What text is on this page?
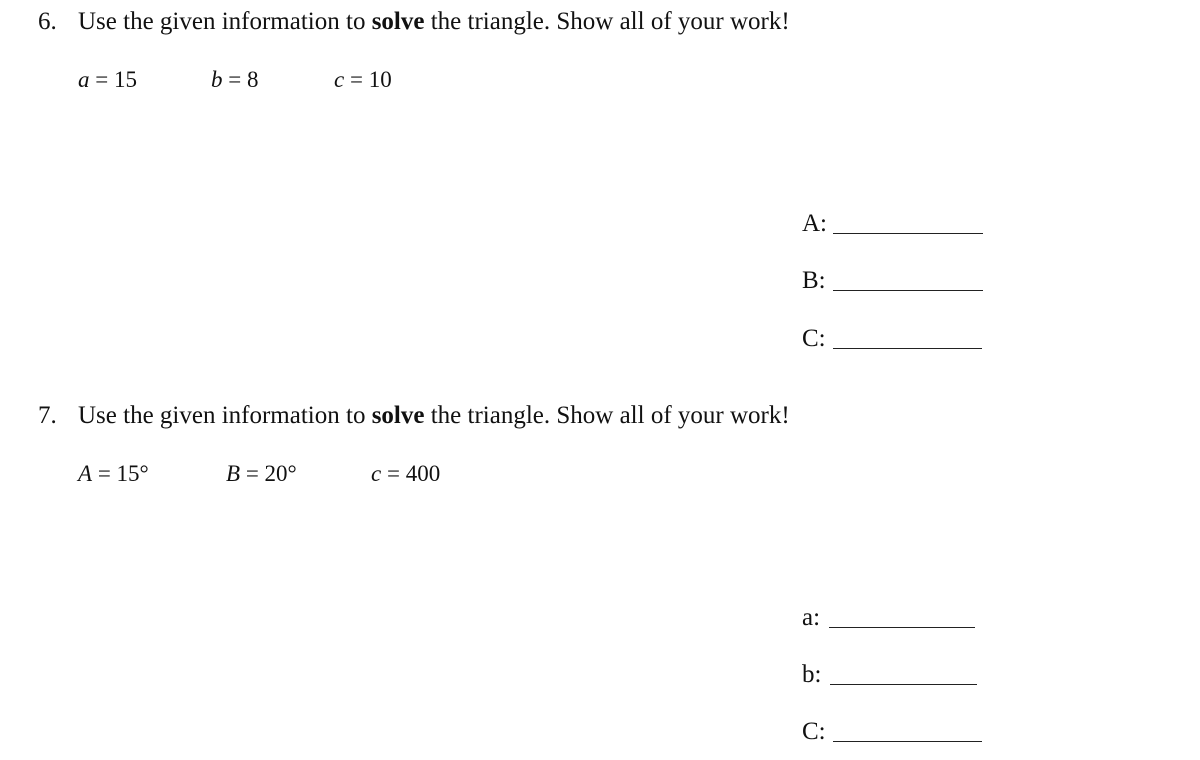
6. Use the given information to solve the triangle. Show all of your work!
a = 15	b = 8	c = 10
A:
B:
C:
7. Use the given information to solve the triangle. Show all of your work!
A = 15°	B = 20°	c = 400
a:
b:
C:
